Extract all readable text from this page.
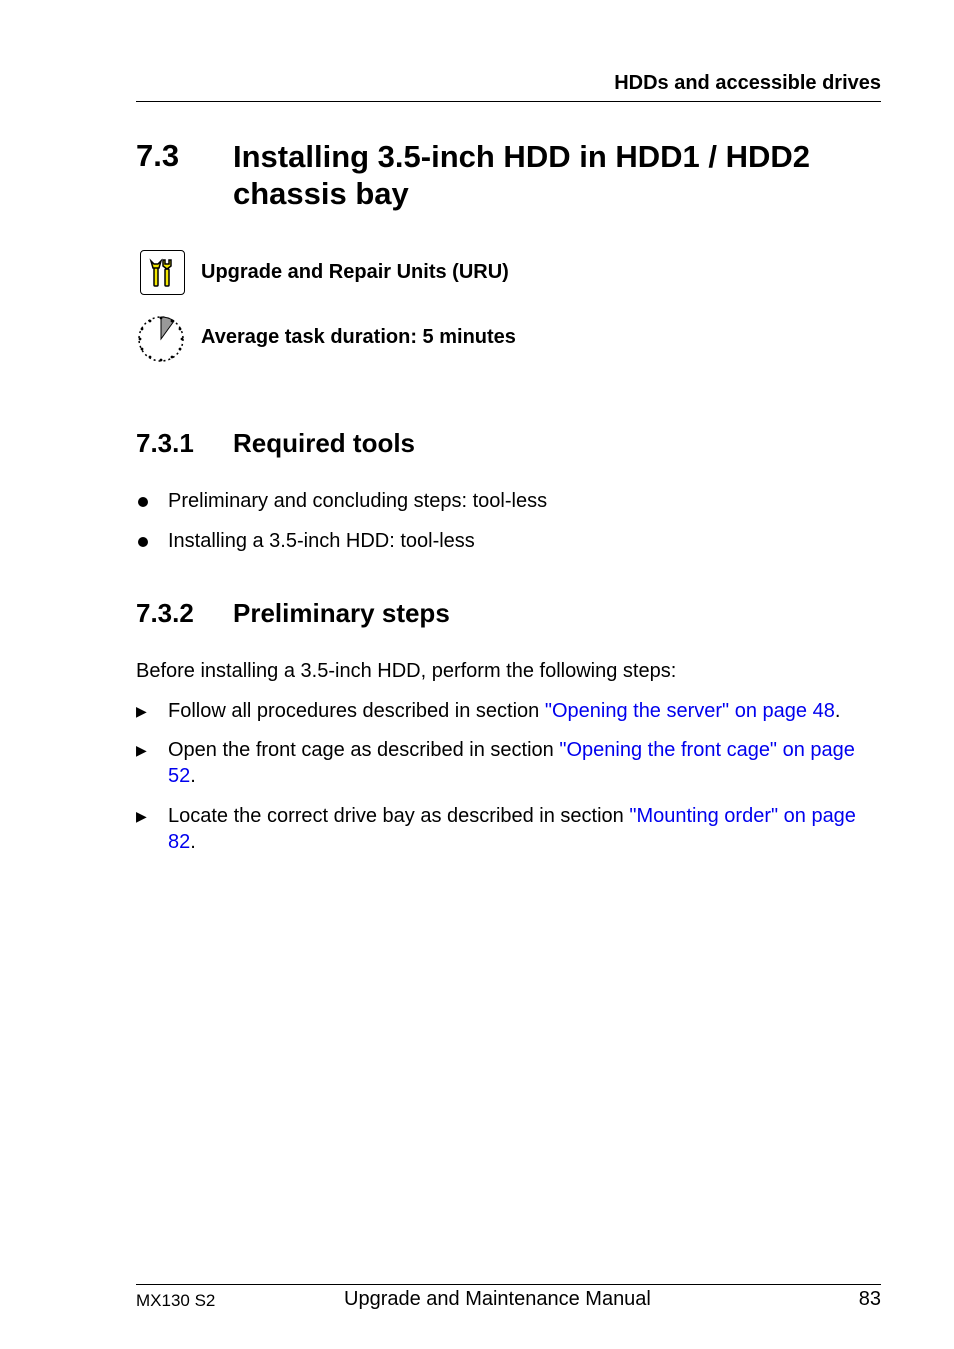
HDDs and accessible drives
7.3 Installing 3.5-inch HDD in HDD1 / HDD2 chassis bay
Upgrade and Repair Units (URU)
Average task duration: 5 minutes
7.3.1 Required tools
Preliminary and concluding steps: tool-less
Installing a 3.5-inch HDD: tool-less
7.3.2 Preliminary steps
Before installing a 3.5-inch HDD, perform the following steps:
▶ Follow all procedures described in section "Opening the server" on page 48.
▶ Open the front cage as described in section "Opening the front cage" on page 52.
▶ Locate the correct drive bay as described in section "Mounting order" on page 82.
MX130 S2	Upgrade and Maintenance Manual	83
